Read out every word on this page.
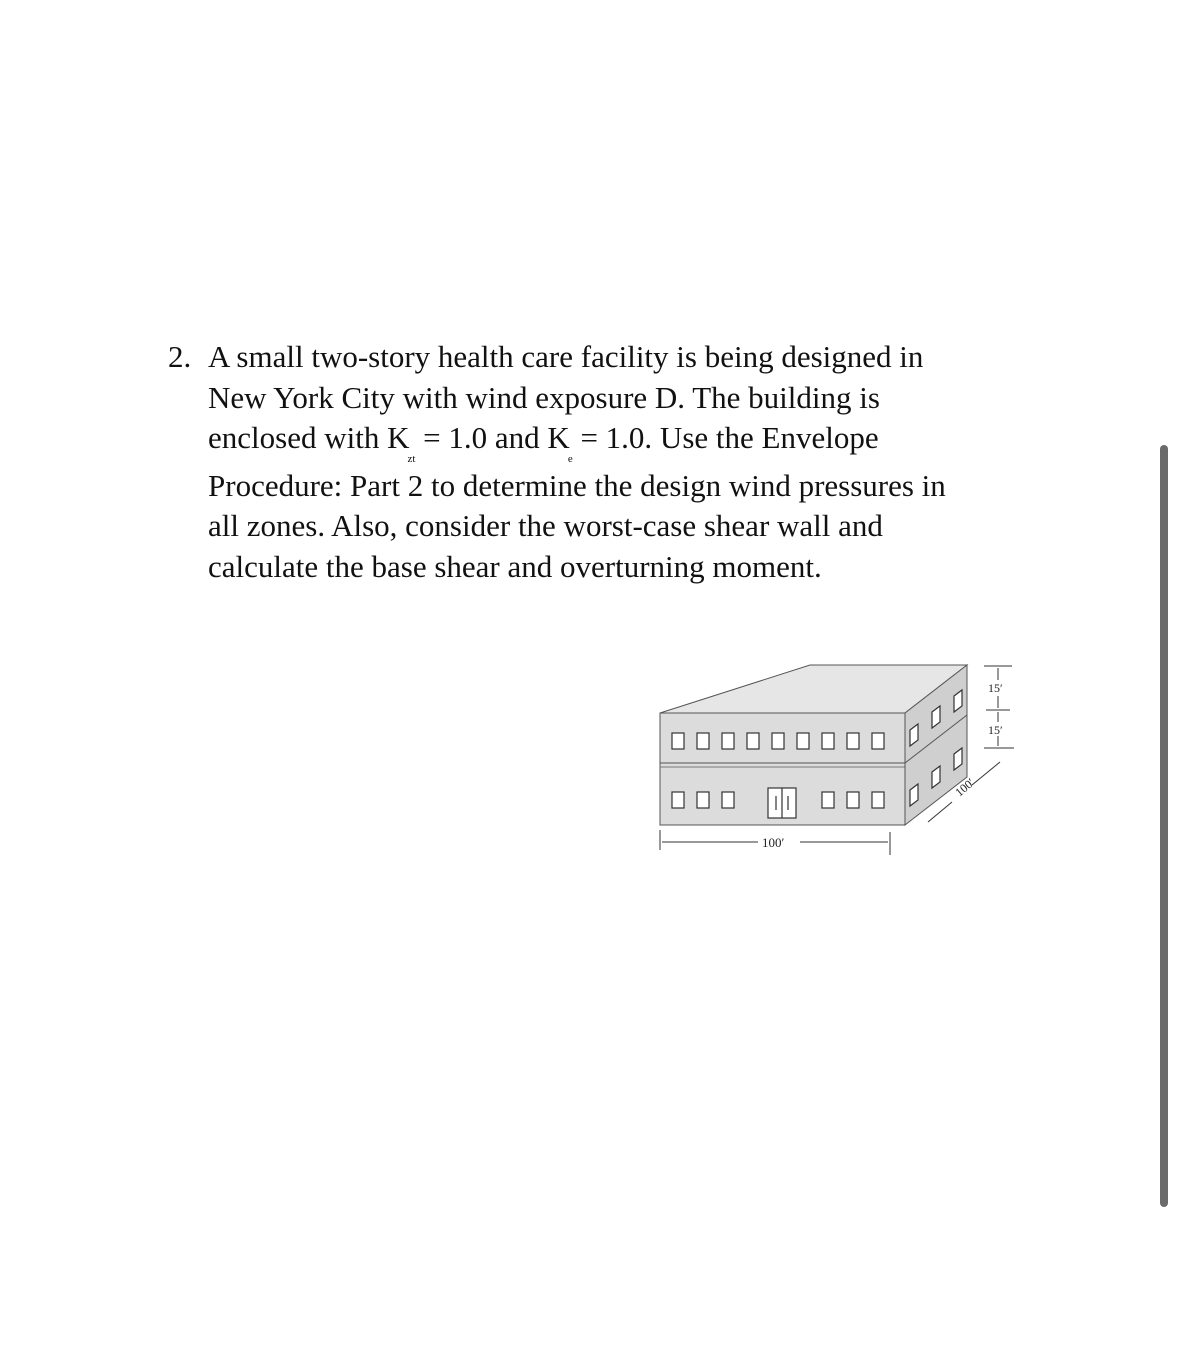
2. A small two-story health care facility is being designed in
New York City with wind exposure D. The building is
enclosed with $K_{zt} = 1.0$ and $K_e = 1.0$. Use the Envelope
Procedure: Part 2 to determine the design wind pressures in
all zones. Also, consider the worst-case shear wall and
calculate the base shear and overturning moment.
100′
100′
15′
15′
